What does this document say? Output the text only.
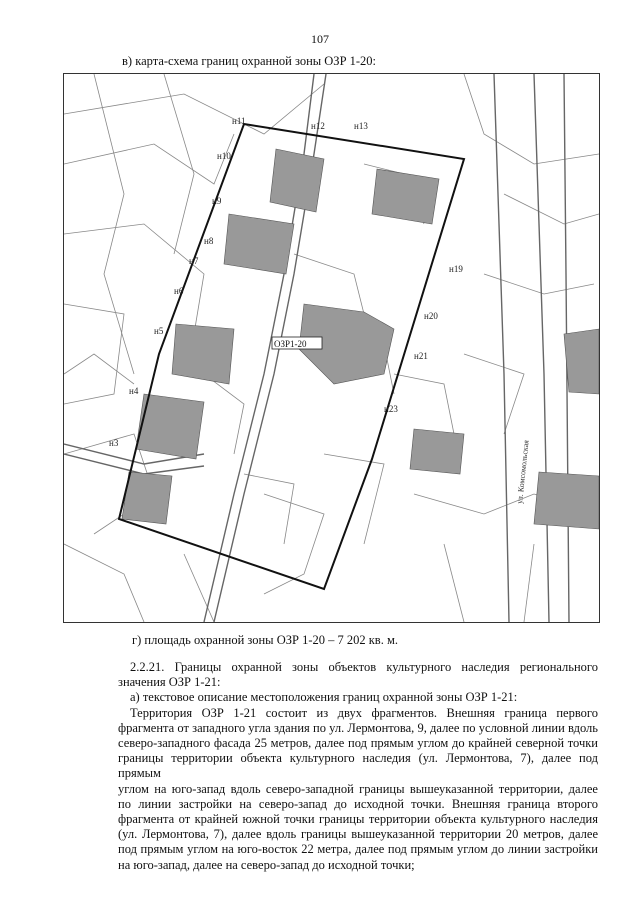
107
в) карта-схема границ охранной зоны ОЗР 1-20:
н11	н12	н13
н10
н8
н9
н6
н7
н5
н4
н3
н19
н20
н21
н23
ОЗР1-20
ул. Комсомольская
г) площадь охранной зоны ОЗР 1-20 – 7 202 кв. м.

2.2.21. Границы охранной зоны объектов культурного наследия регионального

значения ОЗР 1-21:

а) текстовое описание местоположения границ охранной зоны ОЗР 1-21:

Территория ОЗР 1-21 состоит из двух фрагментов. Внешняя граница первого

фрагмента от западного угла здания по ул. Лермонтова, 9, далее по условной линии вдоль

северо-западного фасада 25 метров, далее под прямым углом до крайней северной точки

границы территории объекта культурного наследия (ул. Лермонтова, 7), далее под прямым

углом на юго-запад вдоль северо-западной границы вышеуказанной территории, далее

по линии застройки на северо-запад до исходной точки. Внешняя граница второго

фрагмента от крайней южной точки границы территории объекта культурного наследия

(ул. Лермонтова, 7), далее вдоль границы вышеуказанной территории 20 метров, далее

под прямым углом на юго-восток 22 метра, далее под прямым углом до линии застройки

на юго-запад, далее на северо-запад до исходной точки;
